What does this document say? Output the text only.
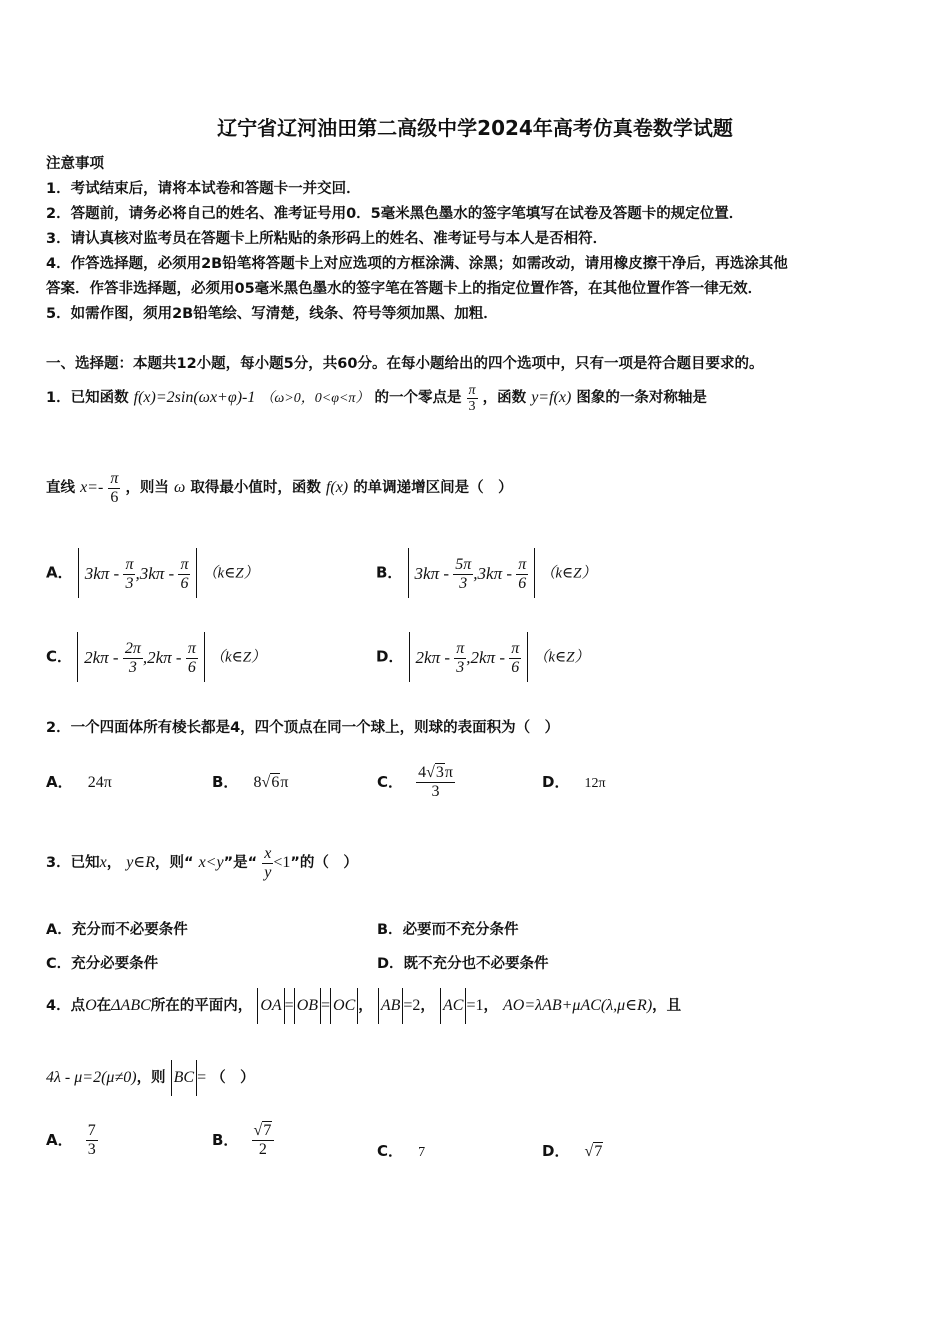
辽宁省辽河油田第二高级中学2024年高考仿真卷数学试题
注意事项
1．考试结束后，请将本试卷和答题卡一并交回．
2．答题前，请务必将自己的姓名、准考证号用0．5毫米黑色墨水的签字笔填写在试卷及答题卡的规定位置．
3．请认真核对监考员在答题卡上所粘贴的条形码上的姓名、准考证号与本人是否相符．
4．作答选择题，必须用2B铅笔将答题卡上对应选项的方框涂满、涂黑；如需改动，请用橡皮擦干净后，再选涂其他
答案．作答非选择题，必须用05毫米黑色墨水的签字笔在答题卡上的指定位置作答，在其他位置作答一律无效．
5．如需作图，须用2B铅笔绘、写清楚，线条、符号等须加黑、加粗．
一、选择题：本题共12小题，每小题5分，共60分。在每小题给出的四个选项中，只有一项是符合题目要求的。
1．已知函数 f(x)=2sin(ωx+φ)-1 （ω>0，0<φ<π） 的一个零点是 $\frac{\pi}{3}$ ，函数 y=f(x) 图象的一条对称轴是
直线 $x=- \frac{\pi}{6}$ ，则当 ω 取得最小值时，函数 f(x) 的单调递增区间是（　）
A． $3k\pi - \frac{\pi}{3} ,3k\pi - \frac{\pi}{6}$ （k∈Z）	B． $3k\pi - \frac{5\pi}{3} ,3k\pi - \frac{\pi}{6}$ （k∈Z）
C． $2k\pi - \frac{2\pi}{3} ,2k\pi - \frac{\pi}{6}$ （k∈Z）	D． $2k\pi - \frac{\pi}{3} ,2k\pi - \frac{\pi}{6}$ （k∈Z）
2．一个四面体所有棱长都是4，四个顶点在同一个球上，则球的表面积为（　）
A． 24π	B． 8√6π	C． $\frac{4√3\pi}{3}$	D． 12π
3．已知x， y∈R，则“ x<y”是“ $\frac{x}{y} <1$”的（　）
A．充分而不必要条件	B．必要而不充分条件
C．充分必要条件	D．既不充分也不必要条件
4．点O在ΔABC所在的平面内， OA = OB = OC ， AB =2， AC =1， AO=λAB+μAC(λ,μ∈R)，且
4λ - μ=2(μ≠0)，则 BC = （　）
A． $\frac{7}{3}$	B． $\frac{√7}{2}$	C． 7	D． √7
